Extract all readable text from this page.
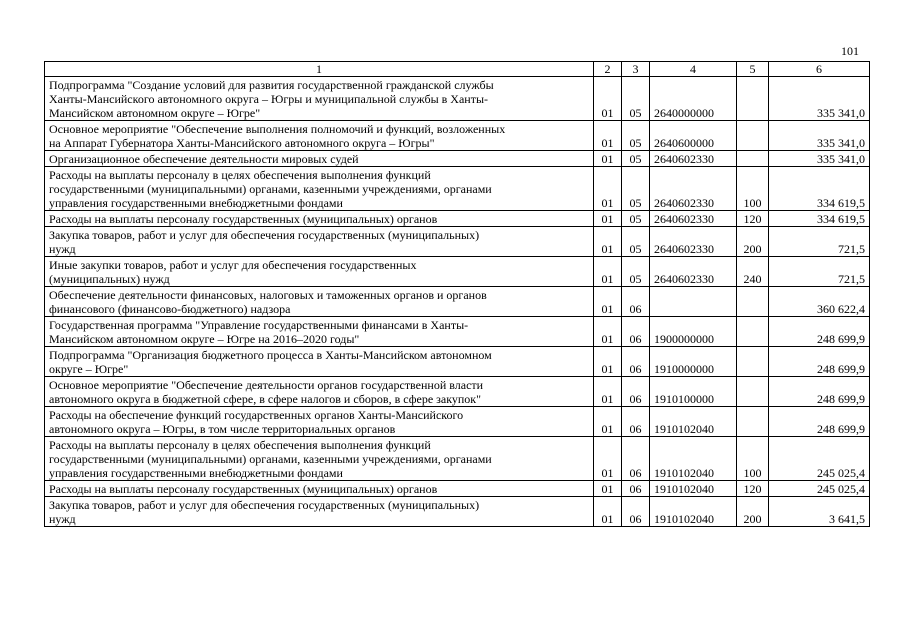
101
1	2	3	4	5	6

Подпрограмма "Создание условий для развития государственной гражданской службы
Ханты-Мансийского автономного округа – Югры и муниципальной службы в Ханты-
Мансийском автономном округе – Югре"	01	05	2640000000		335 341,0

Основное мероприятие "Обеспечение выполнения полномочий и функций, возложенных
на Аппарат Губернатора Ханты-Мансийского автономного округа – Югры"	01	05	2640600000		335 341,0

Организационное обеспечение деятельности мировых судей	01	05	2640602330		335 341,0

Расходы на выплаты персоналу в целях обеспечения выполнения функций
государственными (муниципальными) органами, казенными учреждениями, органами
управления государственными внебюджетными фондами	01	05	2640602330	100	334 619,5

Расходы на выплаты персоналу государственных (муниципальных) органов	01	05	2640602330	120	334 619,5

Закупка товаров, работ и услуг для обеспечения государственных (муниципальных)
нужд	01	05	2640602330	200	721,5

Иные закупки товаров, работ и услуг для обеспечения государственных
(муниципальных) нужд	01	05	2640602330	240	721,5

Обеспечение деятельности финансовых, налоговых и таможенных органов и органов
финансового (финансово-бюджетного) надзора	01	06			360 622,4

Государственная программа "Управление государственными финансами в Ханты-
Мансийском автономном округе – Югре на 2016–2020 годы"	01	06	1900000000		248 699,9

Подпрограмма "Организация бюджетного процесса в Ханты-Мансийском автономном
округе – Югре"	01	06	1910000000		248 699,9

Основное мероприятие "Обеспечение деятельности органов государственной власти
автономного округа в бюджетной сфере, в сфере налогов и сборов, в сфере закупок"	01	06	1910100000		248 699,9

Расходы на обеспечение функций государственных органов Ханты-Мансийского
автономного округа – Югры, в том числе территориальных органов	01	06	1910102040		248 699,9

Расходы на выплаты персоналу в целях обеспечения выполнения функций
государственными (муниципальными) органами, казенными учреждениями, органами
управления государственными внебюджетными фондами	01	06	1910102040	100	245 025,4

Расходы на выплаты персоналу государственных (муниципальных) органов	01	06	1910102040	120	245 025,4

Закупка товаров, работ и услуг для обеспечения государственных (муниципальных)
нужд	01	06	1910102040	200	3 641,5
